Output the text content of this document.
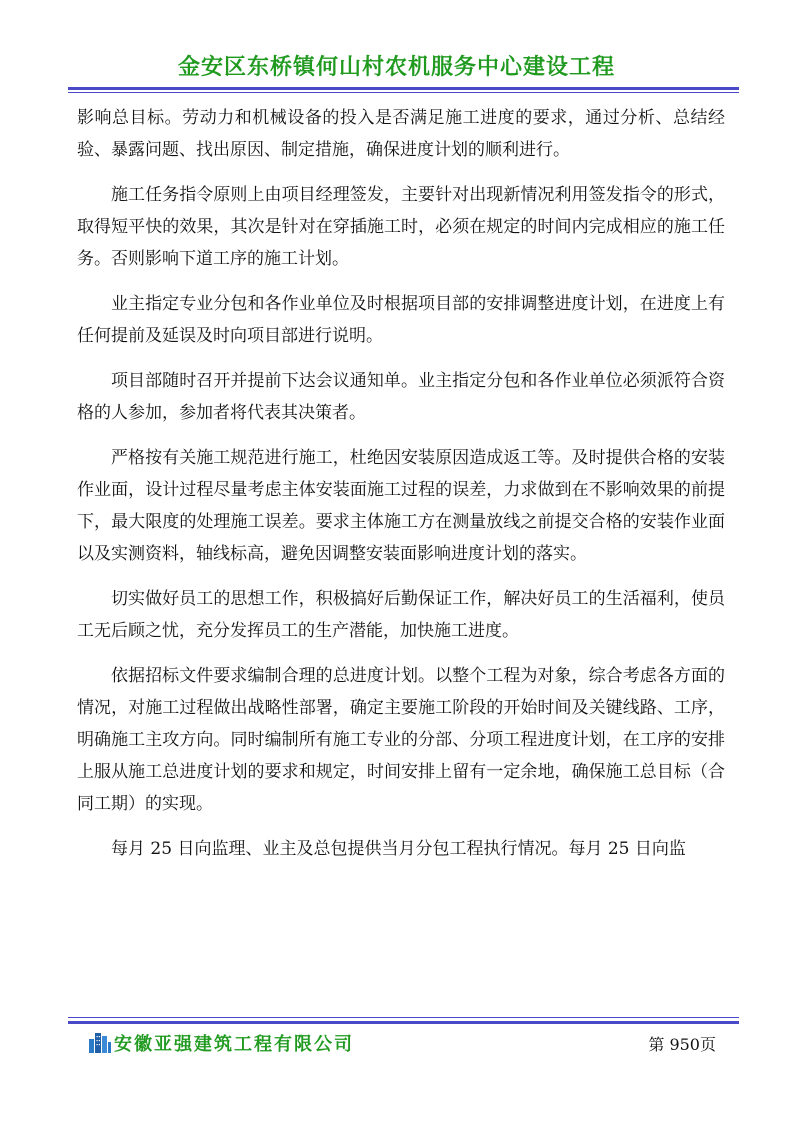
金安区东桥镇何山村农机服务中心建设工程

影响总目标。劳动力和机械设备的投入是否满足施工进度的要求，通过分析、总结经验、暴露问题、找出原因、制定措施，确保进度计划的顺利进行。

施工任务指令原则上由项目经理签发，主要针对出现新情况利用签发指令的形式，取得短平快的效果，其次是针对在穿插施工时，必须在规定的时间内完成相应的施工任务。否则影响下道工序的施工计划。

业主指定专业分包和各作业单位及时根据项目部的安排调整进度计划，在进度上有任何提前及延误及时向项目部进行说明。

项目部随时召开并提前下达会议通知单。业主指定分包和各作业单位必须派符合资格的人参加，参加者将代表其决策者。

严格按有关施工规范进行施工，杜绝因安装原因造成返工等。及时提供合格的安装作业面，设计过程尽量考虑主体安装面施工过程的误差，力求做到在不影响效果的前提下，最大限度的处理施工误差。要求主体施工方在测量放线之前提交合格的安装作业面以及实测资料，轴线标高，避免因调整安装面影响进度计划的落实。

切实做好员工的思想工作，积极搞好后勤保证工作，解决好员工的生活福利，使员工无后顾之忧，充分发挥员工的生产潜能，加快施工进度。

依据招标文件要求编制合理的总进度计划。以整个工程为对象，综合考虑各方面的情况，对施工过程做出战略性部署，确定主要施工阶段的开始时间及关键线路、工序，明确施工主攻方向。同时编制所有施工专业的分部、分项工程进度计划，在工序的安排上服从施工总进度计划的要求和规定，时间安排上留有一定余地，确保施工总目标（合同工期）的实现。

每月 25 日向监理、业主及总包提供当月分包工程执行情况。每月 25 日向监

安徽亚强建筑工程有限公司	第 950页
